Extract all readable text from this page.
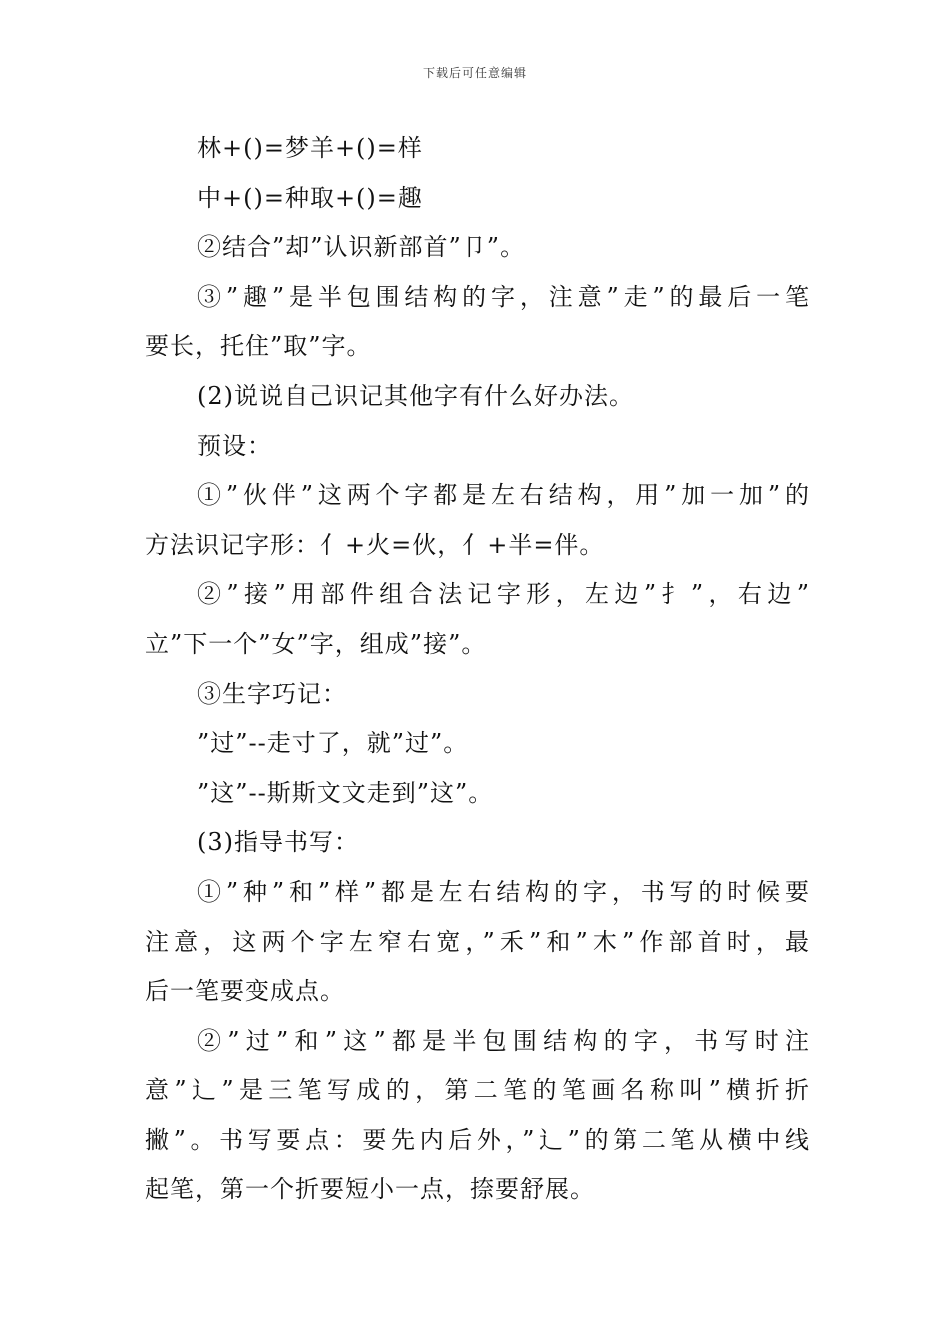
下载后可任意编辑
林+()=梦羊+()=样
中+()=种取+()=趣
②结合”却”认识新部首”卩”。
③”趣”是半包围结构的字，注意”走”的最后一笔
要长，托住”取”字。
(2)说说自己识记其他字有什么好办法。
预设：
①”伙伴”这两个字都是左右结构，用”加一加”的
方法识记字形：亻+火=伙，亻+半=伴。
②”接”用部件组合法记字形，左边”扌”，右边”
立”下一个”女”字，组成”接”。
③生字巧记：
”过”--走寸了，就”过”。
”这”--斯斯文文走到”这”。
(3)指导书写：
①”种”和”样”都是左右结构的字，书写的时候要
注意，这两个字左窄右宽，”禾”和”木”作部首时，最
后一笔要变成点。
②”过”和”这”都是半包围结构的字，书写时注
意”辶”是三笔写成的，第二笔的笔画名称叫”横折折
撇”。书写要点：要先内后外，”辶”的第二笔从横中线
起笔，第一个折要短小一点，捺要舒展。
